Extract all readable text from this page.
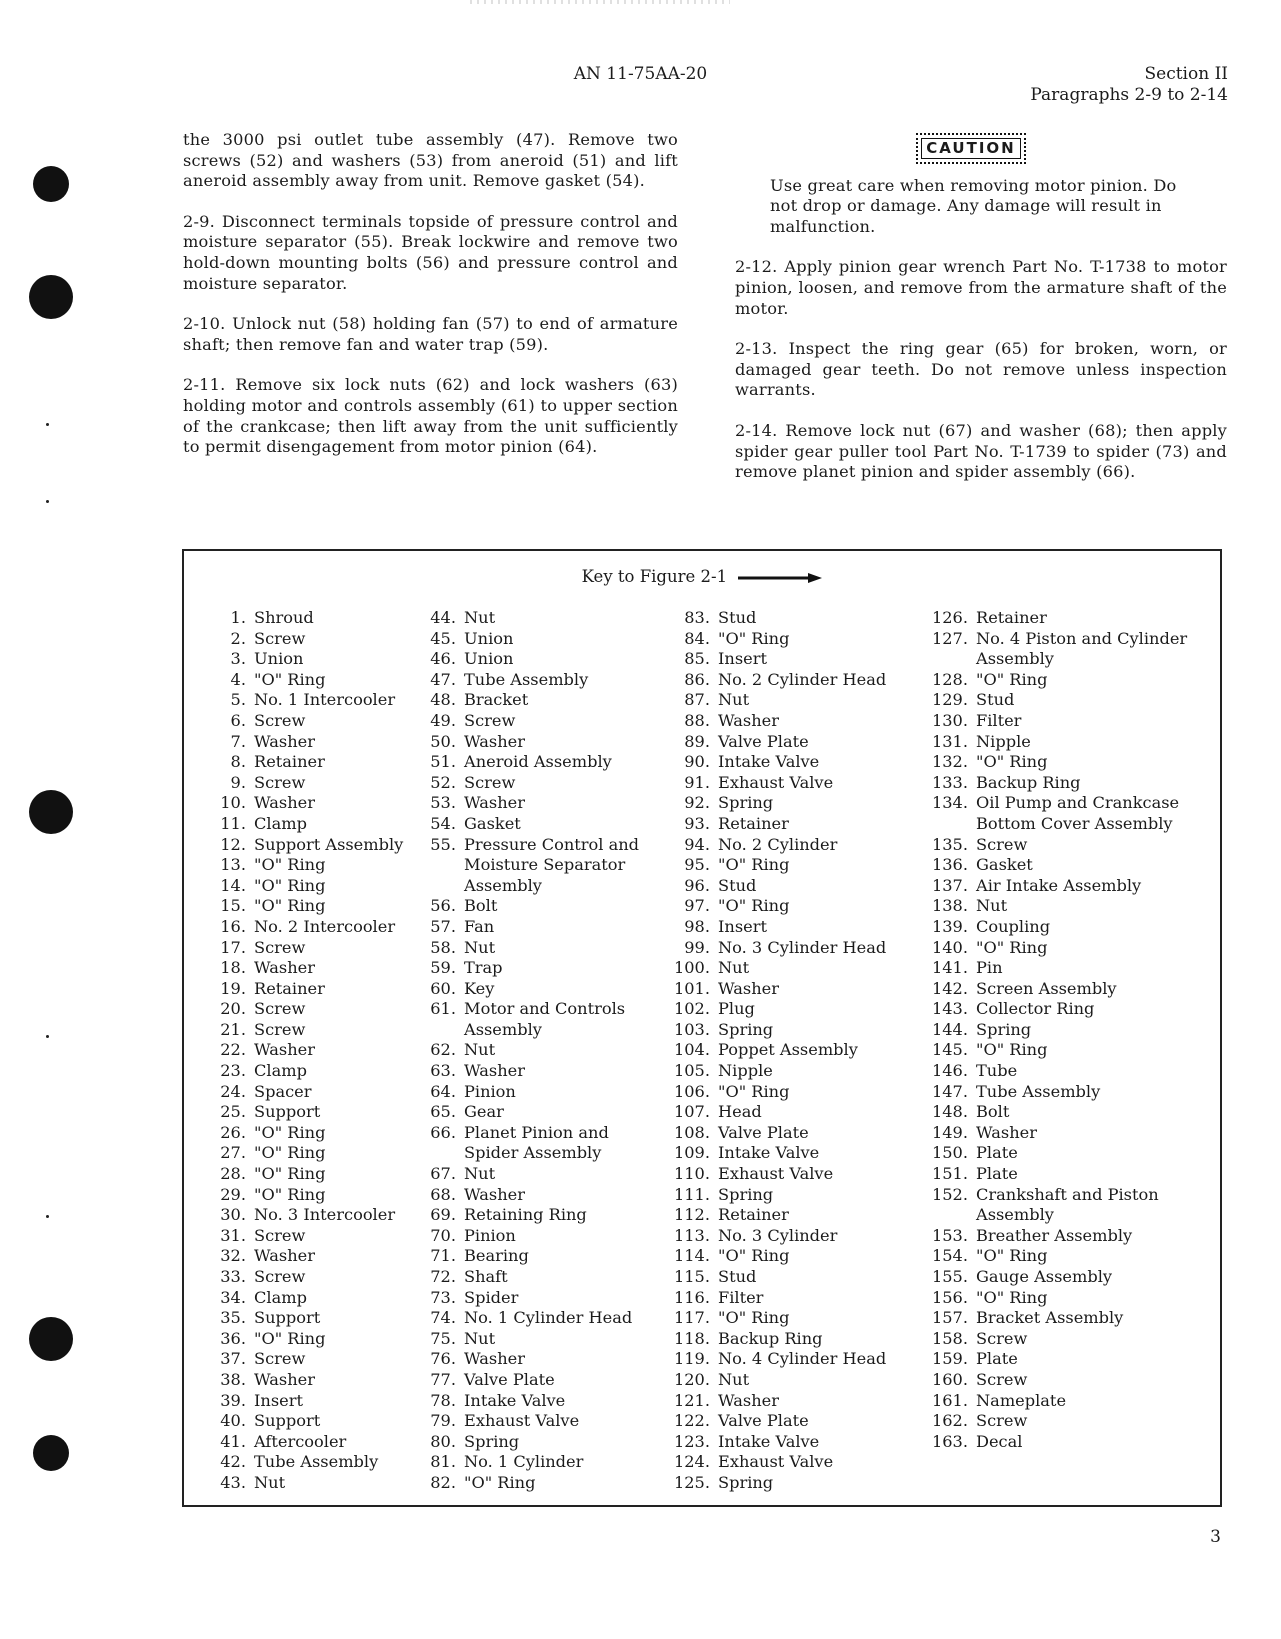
AN 11-75AA-20	Section II
Paragraphs 2-9 to 2-14

the 3000 psi outlet tube assembly (47). Remove two screws (52) and washers (53) from aneroid (51) and lift aneroid assembly away from unit. Remove gasket (54).

2-9. Disconnect terminals topside of pressure control and moisture separator (55). Break lockwire and remove two hold-down mounting bolts (56) and pressure control and moisture separator.

2-10. Unlock nut (58) holding fan (57) to end of armature shaft; then remove fan and water trap (59).

2-11. Remove six lock nuts (62) and lock washers (63) holding motor and controls assembly (61) to upper section of the crankcase; then lift away from the unit sufficiently to permit disengagement from motor pinion (64).

CAUTION

Use great care when removing motor pinion. Do not drop or damage. Any damage will result in malfunction.

2-12. Apply pinion gear wrench Part No. T-1738 to motor pinion, loosen, and remove from the armature shaft of the motor.

2-13. Inspect the ring gear (65) for broken, worn, or damaged gear teeth. Do not remove unless inspection warrants.

2-14. Remove lock nut (67) and washer (68); then apply spider gear puller tool Part No. T-1739 to spider (73) and remove planet pinion and spider assembly (66).

Key to Figure 2-1
1. Shroud
2. Screw
3. Union
4. "O" Ring
5. No. 1 Intercooler
6. Screw
7. Washer
8. Retainer
9. Screw
10. Washer
11. Clamp
12. Support Assembly
13. "O" Ring
14. "O" Ring
15. "O" Ring
16. No. 2 Intercooler
17. Screw
18. Washer
19. Retainer
20. Screw
21. Screw
22. Washer
23. Clamp
24. Spacer
25. Support
26. "O" Ring
27. "O" Ring
28. "O" Ring
29. "O" Ring
30. No. 3 Intercooler
31. Screw
32. Washer
33. Screw
34. Clamp
35. Support
36. "O" Ring
37. Screw
38. Washer
39. Insert
40. Support
41. Aftercooler
42. Tube Assembly
43. Nut
44. Nut
45. Union
46. Union
47. Tube Assembly
48. Bracket
49. Screw
50. Washer
51. Aneroid Assembly
52. Screw
53. Washer
54. Gasket
55. Pressure Control and Moisture Separator Assembly
56. Bolt
57. Fan
58. Nut
59. Trap
60. Key
61. Motor and Controls Assembly
62. Nut
63. Washer
64. Pinion
65. Gear
66. Planet Pinion and Spider Assembly
67. Nut
68. Washer
69. Retaining Ring
70. Pinion
71. Bearing
72. Shaft
73. Spider
74. No. 1 Cylinder Head
75. Nut
76. Washer
77. Valve Plate
78. Intake Valve
79. Exhaust Valve
80. Spring
81. No. 1 Cylinder
82. "O" Ring
83. Stud
84. "O" Ring
85. Insert
86. No. 2 Cylinder Head
87. Nut
88. Washer
89. Valve Plate
90. Intake Valve
91. Exhaust Valve
92. Spring
93. Retainer
94. No. 2 Cylinder
95. "O" Ring
96. Stud
97. "O" Ring
98. Insert
99. No. 3 Cylinder Head
100. Nut
101. Washer
102. Plug
103. Spring
104. Poppet Assembly
105. Nipple
106. "O" Ring
107. Head
108. Valve Plate
109. Intake Valve
110. Exhaust Valve
111. Spring
112. Retainer
113. No. 3 Cylinder
114. "O" Ring
115. Stud
116. Filter
117. "O" Ring
118. Backup Ring
119. No. 4 Cylinder Head
120. Nut
121. Washer
122. Valve Plate
123. Intake Valve
124. Exhaust Valve
125. Spring
126. Retainer
127. No. 4 Piston and Cylinder Assembly
128. "O" Ring
129. Stud
130. Filter
131. Nipple
132. "O" Ring
133. Backup Ring
134. Oil Pump and Crankcase Bottom Cover Assembly
135. Screw
136. Gasket
137. Air Intake Assembly
138. Nut
139. Coupling
140. "O" Ring
141. Pin
142. Screen Assembly
143. Collector Ring
144. Spring
145. "O" Ring
146. Tube
147. Tube Assembly
148. Bolt
149. Washer
150. Plate
151. Plate
152. Crankshaft and Piston Assembly
153. Breather Assembly
154. "O" Ring
155. Gauge Assembly
156. "O" Ring
157. Bracket Assembly
158. Screw
159. Plate
160. Screw
161. Nameplate
162. Screw
163. Decal
3
